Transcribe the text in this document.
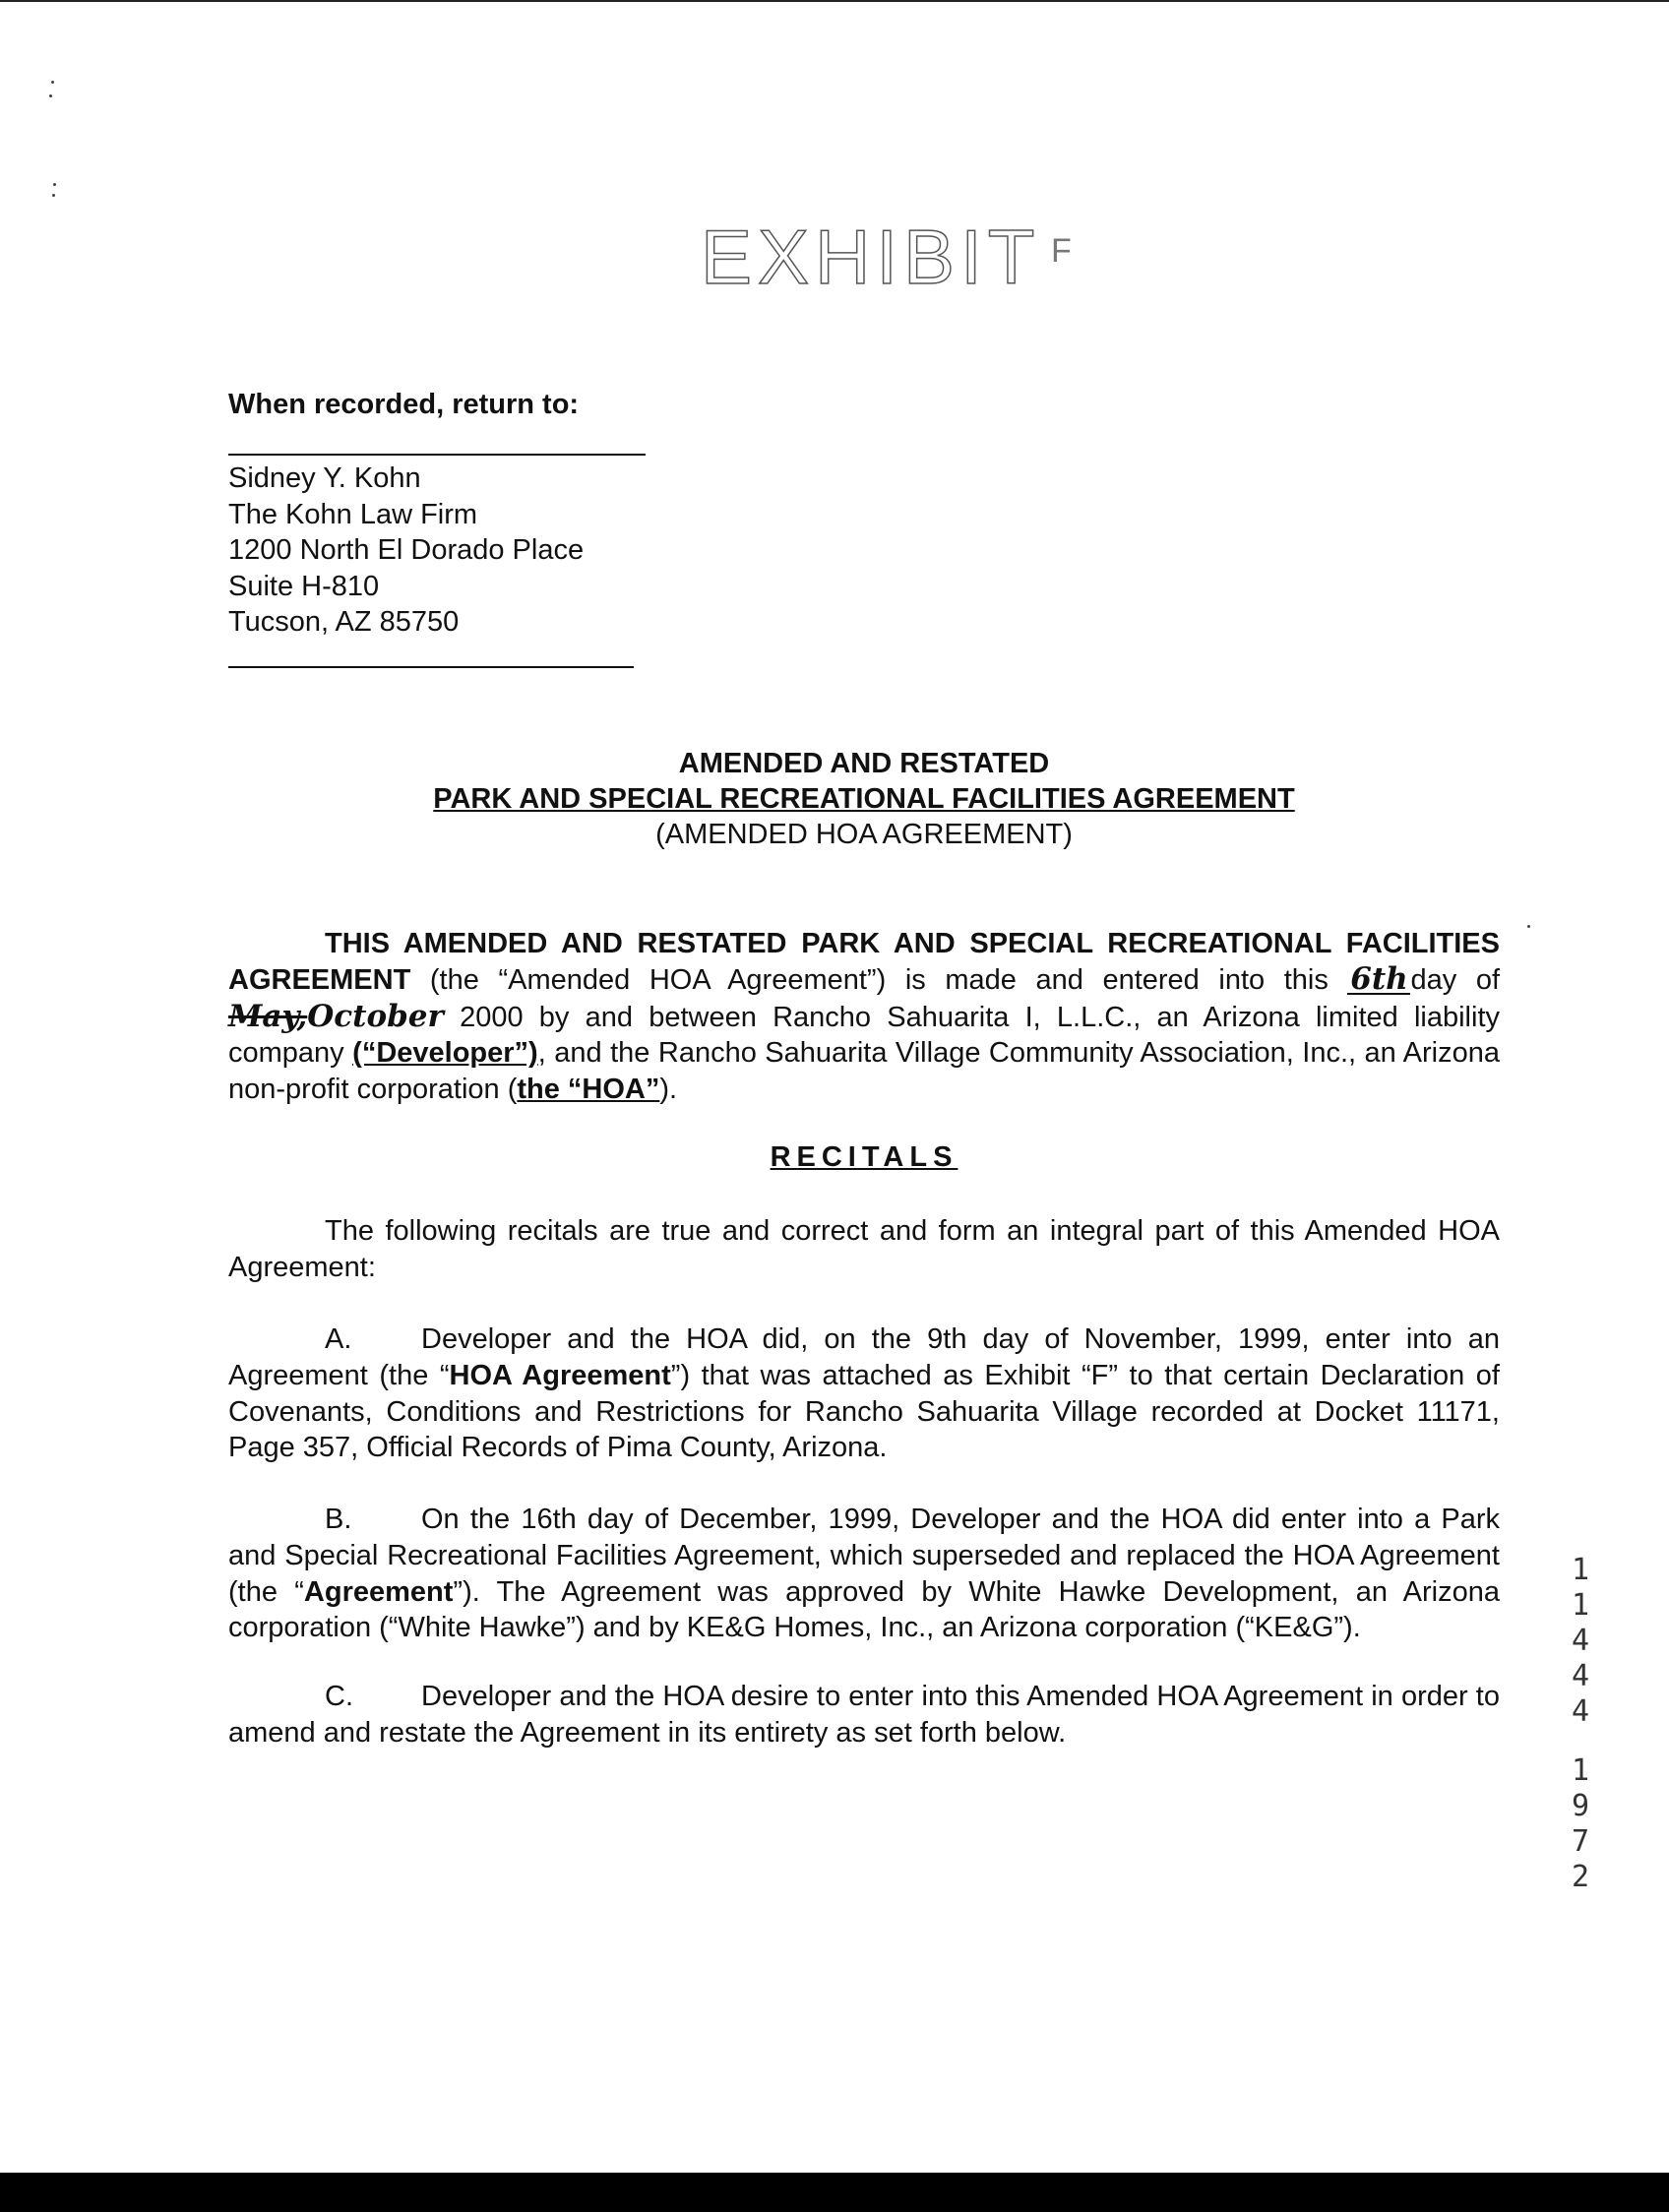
EXHIBIT F
When recorded, return to:
Sidney Y. Kohn
The Kohn Law Firm
1200 North El Dorado Place
Suite H-810
Tucson, AZ 85750
AMENDED AND RESTATED
PARK AND SPECIAL RECREATIONAL FACILITIES AGREEMENT
(AMENDED HOA AGREEMENT)
THIS AMENDED AND RESTATED PARK AND SPECIAL RECREATIONAL FACILITIES AGREEMENT (the “Amended HOA Agreement”) is made and entered into this 6thday of May,October 2000 by and between Rancho Sahuarita I, L.L.C., an Arizona limited liability company (“Developer”), and the Rancho Sahuarita Village Community Association, Inc., an Arizona non-profit corporation (the “HOA”).
RECITALS
The following recitals are true and correct and form an integral part of this Amended HOA Agreement:
A. Developer and the HOA did, on the 9th day of November, 1999, enter into an Agreement (the “HOA Agreement”) that was attached as Exhibit “F” to that certain Declaration of Covenants, Conditions and Restrictions for Rancho Sahuarita Village recorded at Docket 11171, Page 357, Official Records of Pima County, Arizona.
B. On the 16th day of December, 1999, Developer and the HOA did enter into a Park and Special Recreational Facilities Agreement, which superseded and replaced the HOA Agreement (the “Agreement”). The Agreement was approved by White Hawke Development, an Arizona corporation (“White Hawke”) and by KE&G Homes, Inc., an Arizona corporation (“KE&G”).
C. Developer and the HOA desire to enter into this Amended HOA Agreement in order to amend and restate the Agreement in its entirety as set forth below.
1
1
4
4
4
1
9
7
2
